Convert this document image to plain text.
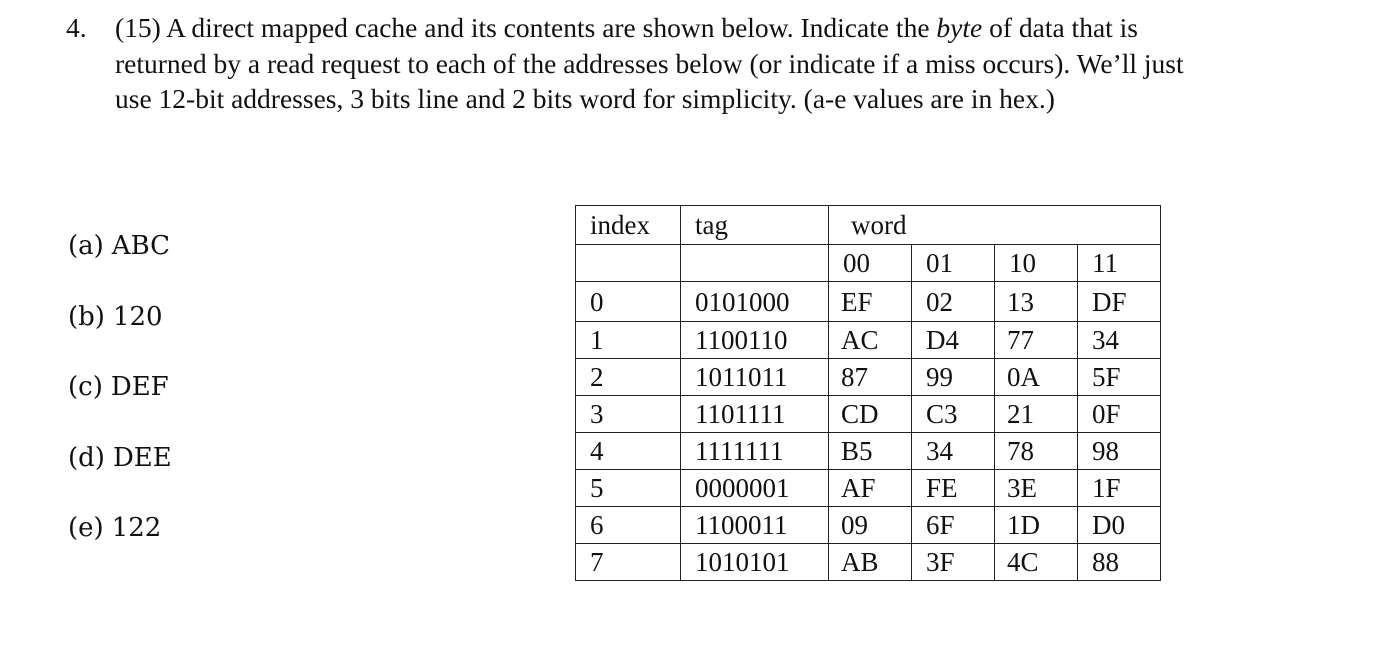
4. (15) A direct mapped cache and its contents are shown below. Indicate the byte of data that is
returned by a read request to each of the addresses below (or indicate if a miss occurs). We’ll just
use 12-bit addresses, 3 bits line and 2 bits word for simplicity. (a-e values are in hex.)
(a) ABC
(b) 120
(c) DEF
(d) DEE
(e) 122
index	tag	word			
		00	01	10	11
0	0101000	EF	02	13	DF
1	1100110	AC	D4	77	34
2	1011011	87	99	0A	5F
3	1101111	CD	C3	21	0F
4	1111111	B5	34	78	98
5	0000001	AF	FE	3E	1F
6	1100011	09	6F	1D	D0
7	1010101	AB	3F	4C	88
